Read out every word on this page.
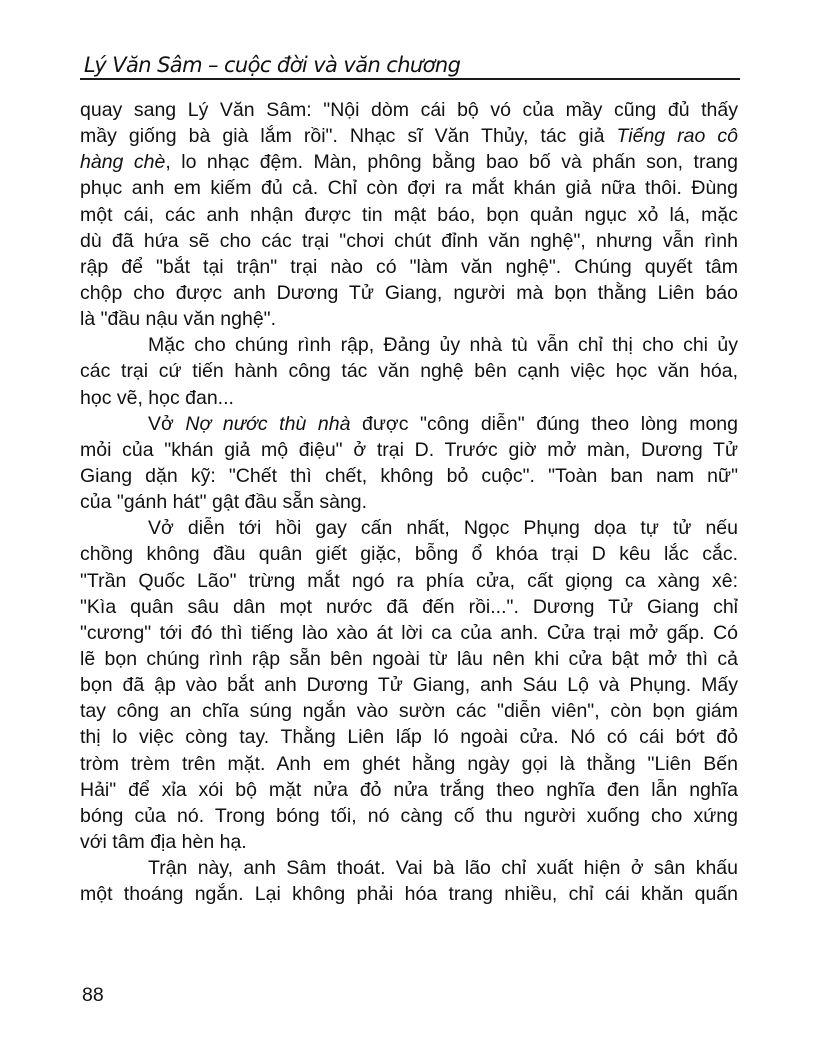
Lý Văn Sâm – cuộc đời và văn chương
quay sang Lý Văn Sâm: "Nội dòm cái bộ vó của mầy cũng đủ thấy
mầy giống bà già lắm rồi". Nhạc sĩ Văn Thủy, tác giả Tiếng rao cô
hàng chè, lo nhạc đệm. Màn, phông bằng bao bố và phấn son, trang
phục anh em kiếm đủ cả. Chỉ còn đợi ra mắt khán giả nữa thôi. Đùng
một cái, các anh nhận được tin mật báo, bọn quản ngục xỏ lá, mặc
dù đã hứa sẽ cho các trại "chơi chút đỉnh văn nghệ", nhưng vẫn rình
rập để "bắt tại trận" trại nào có "làm văn nghệ". Chúng quyết tâm
chộp cho được anh Dương Tử Giang, người mà bọn thằng Liên báo
là "đầu nậu văn nghệ".
Mặc cho chúng rình rập, Đảng ủy nhà tù vẫn chỉ thị cho chi ủy
các trại cứ tiến hành công tác văn nghệ bên cạnh việc học văn hóa,
học vẽ, học đan...
Vở Nợ nước thù nhà được "công diễn" đúng theo lòng mong
mỏi của "khán giả mộ điệu" ở trại D. Trước giờ mở màn, Dương Tử
Giang dặn kỹ: "Chết thì chết, không bỏ cuộc". "Toàn ban nam nữ"
của "gánh hát" gật đầu sẵn sàng.
Vở diễn tới hồi gay cấn nhất, Ngọc Phụng dọa tự tử nếu
chồng không đầu quân giết giặc, bỗng ổ khóa trại D kêu lắc cắc.
"Trần Quốc Lão" trừng mắt ngó ra phía cửa, cất giọng ca xàng xê:
"Kìa quân sâu dân mọt nước đã đến rồi...". Dương Tử Giang chỉ
"cương" tới đó thì tiếng lào xào át lời ca của anh. Cửa trại mở gấp. Có
lẽ bọn chúng rình rập sẵn bên ngoài từ lâu nên khi cửa bật mở thì cả
bọn đã ập vào bắt anh Dương Tử Giang, anh Sáu Lộ và Phụng. Mấy
tay công an chĩa súng ngắn vào sườn các "diễn viên", còn bọn giám
thị lo việc còng tay. Thằng Liên lấp ló ngoài cửa. Nó có cái bớt đỏ
tròm trèm trên mặt. Anh em ghét hằng ngày gọi là thằng "Liên Bến
Hải" để xỉa xói bộ mặt nửa đỏ nửa trắng theo nghĩa đen lẫn nghĩa
bóng của nó. Trong bóng tối, nó càng cố thu người xuống cho xứng
với tâm địa hèn hạ.
Trận này, anh Sâm thoát. Vai bà lão chỉ xuất hiện ở sân khấu
một thoáng ngắn. Lại không phải hóa trang nhiều, chỉ cái khăn quấn
88
